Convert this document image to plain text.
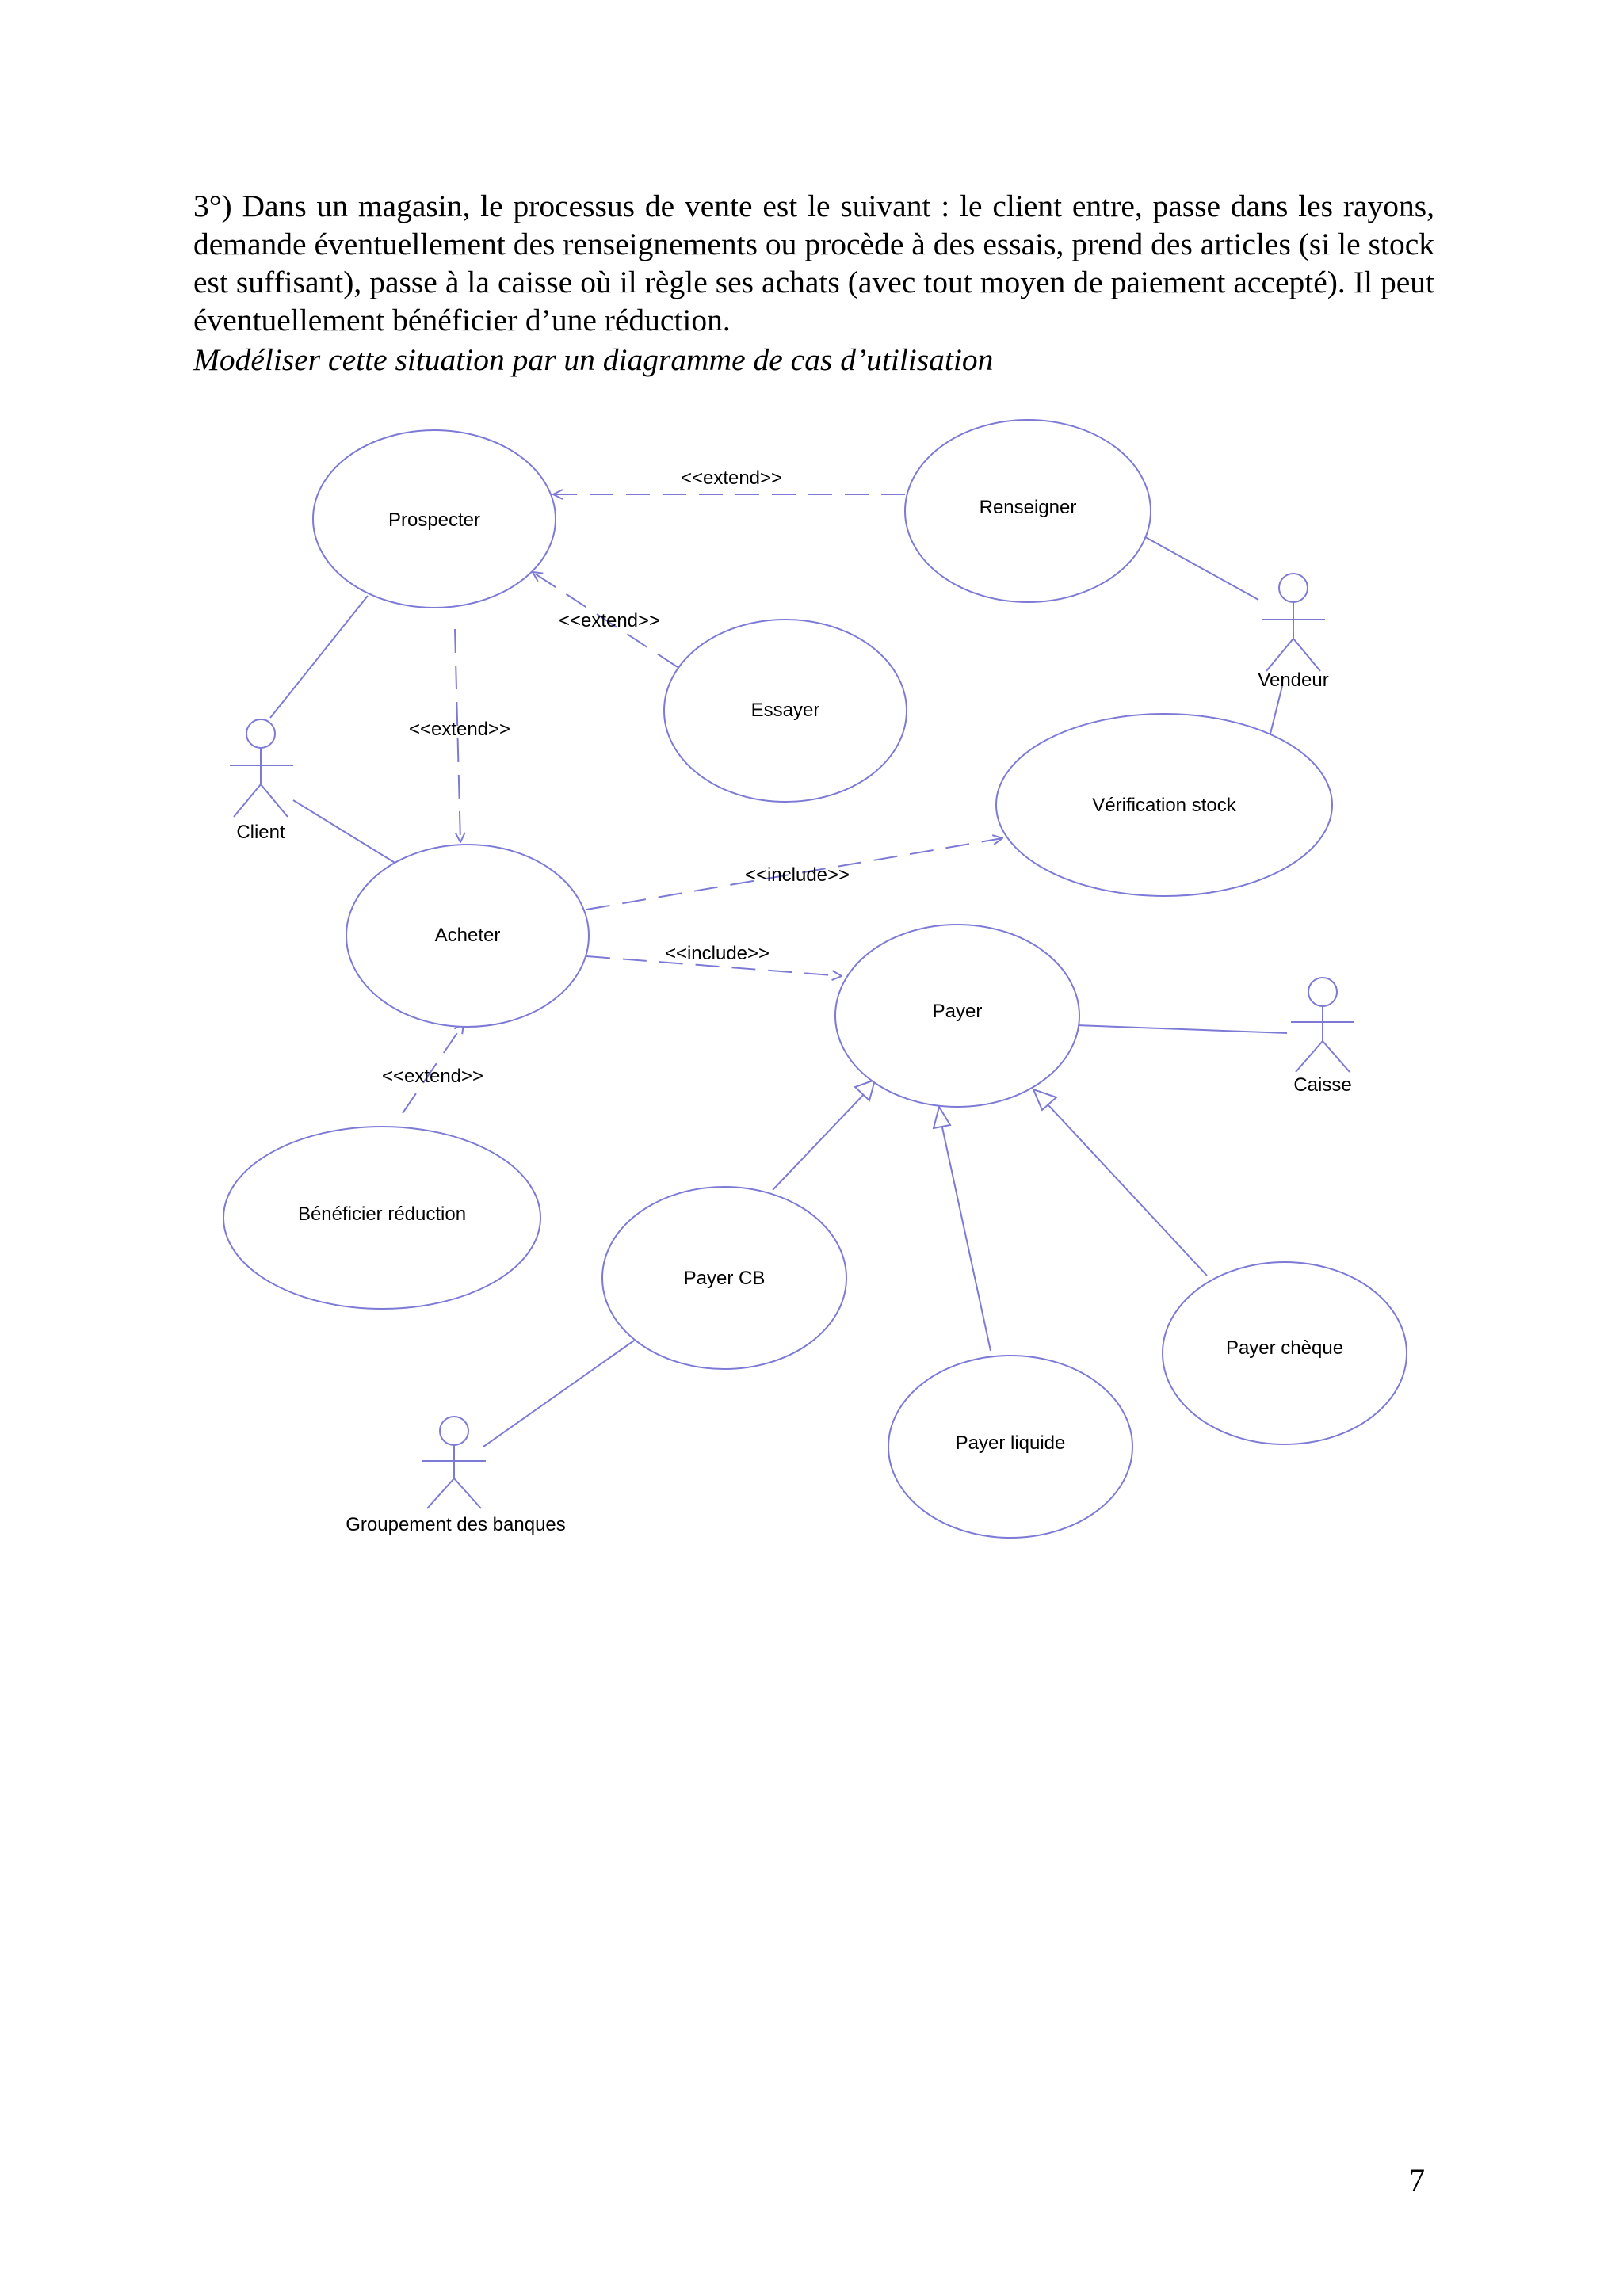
3°) Dans un magasin, le processus de vente est le suivant : le client entre, passe dans les rayons, demande éventuellement des renseignements ou procède à des essais, prend des articles (si le stock est suffisant), passe à la caisse où il règle ses achats (avec tout moyen de paiement accepté). Il peut éventuellement bénéficier d’une réduction.

Modéliser cette situation par un diagramme de cas d’utilisation

Prospecter
Renseigner
Essayer
Vérification stock
Acheter
Payer
Bénéficier réduction
Payer CB
Payer chèque
Payer liquide
Client
Vendeur
Caisse
Groupement des banques
<<extend>>
<<extend>>
<<extend>>
<<include>>
<<include>>
<<extend>>
7
